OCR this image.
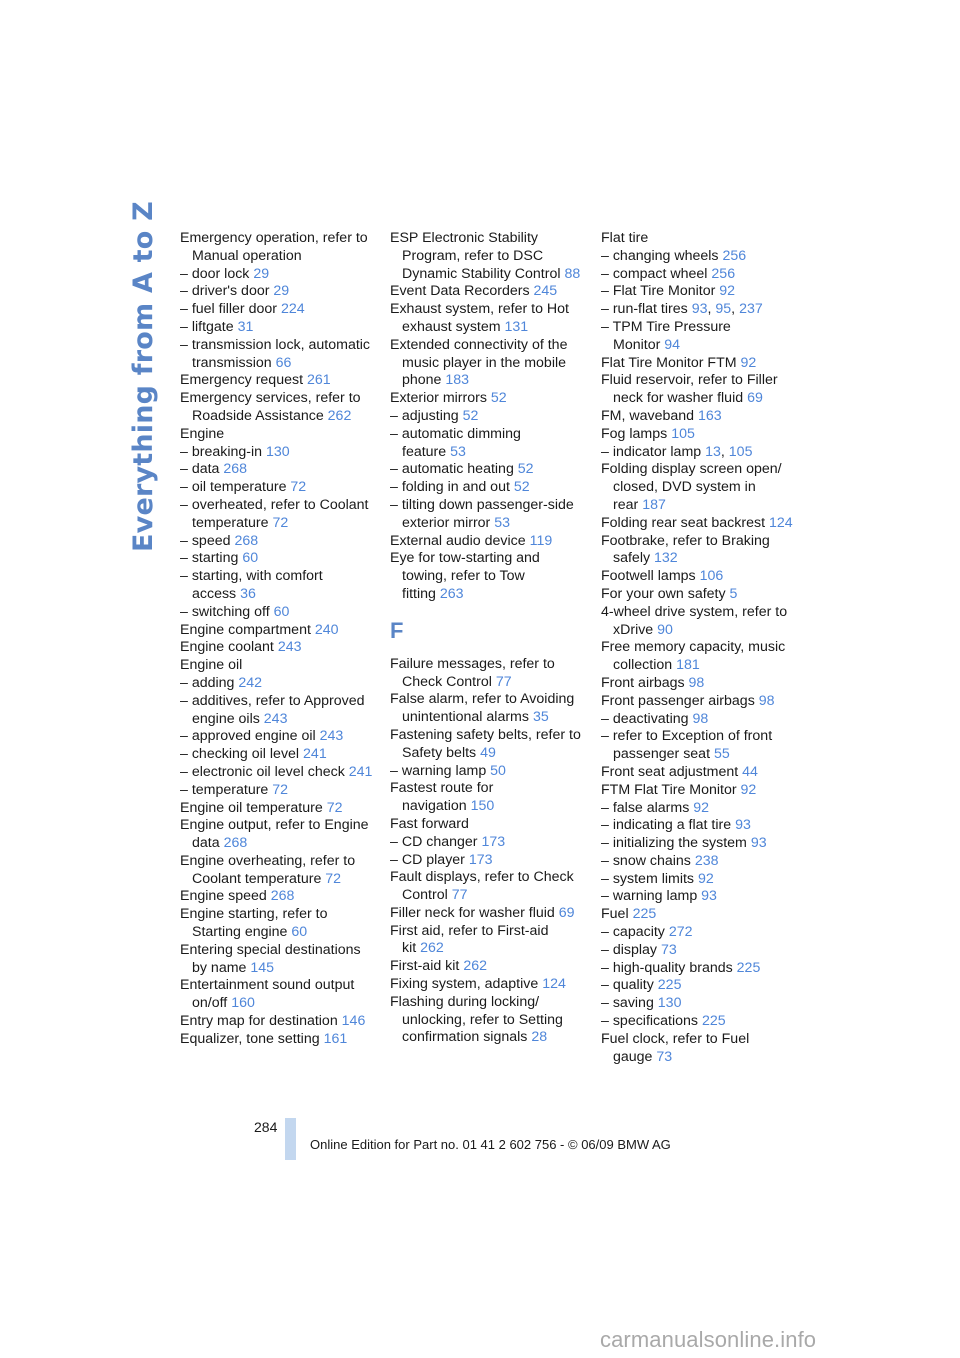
Everything from A to Z Emergency operation, refer to Manual operation
– door lock 29
– driver's door 29
– fuel filler door 224
– liftgate 31
– transmission lock, automatic transmission 66
Emergency request 261
Emergency services, refer to Roadside Assistance 262
Engine
– breaking-in 130
– data 268
– oil temperature 72
– overheated, refer to Coolant temperature 72
– speed 268
– starting 60
– starting, with comfort access 36
– switching off 60
Engine compartment 240
Engine coolant 243
Engine oil
– adding 242
– additives, refer to Approved engine oils 243
– approved engine oil 243
– checking oil level 241
– electronic oil level check 241
– temperature 72
Engine oil temperature 72
Engine output, refer to Engine data 268
Engine overheating, refer to Coolant temperature 72
Engine speed 268
Engine starting, refer to Starting engine 60
Entering special destinations by name 145
Entertainment sound output on/off 160
Entry map for destination 146
Equalizer, tone setting 161
ESP Electronic Stability Program, refer to DSC Dynamic Stability Control 88
Event Data Recorders 245
Exhaust system, refer to Hot exhaust system 131
Extended connectivity of the music player in the mobile phone 183
Exterior mirrors 52
– adjusting 52
– automatic dimming feature 53
– automatic heating 52
– folding in and out 52
– tilting down passenger-side exterior mirror 53
External audio device 119
Eye for tow-starting and towing, refer to Tow fitting 263
F
Failure messages, refer to Check Control 77
False alarm, refer to Avoiding unintentional alarms 35
Fastening safety belts, refer to Safety belts 49
– warning lamp 50
Fastest route for navigation 150
Fast forward
– CD changer 173
– CD player 173
Fault displays, refer to Check Control 77
Filler neck for washer fluid 69
First aid, refer to First-aid kit 262
First-aid kit 262
Fixing system, adaptive 124
Flashing during locking/ unlocking, refer to Setting confirmation signals 28
Flat tire
– changing wheels 256
– compact wheel 256
– Flat Tire Monitor 92
– run-flat tires 93, 95, 237
– TPM Tire Pressure Monitor 94
Flat Tire Monitor FTM 92
Fluid reservoir, refer to Filler neck for washer fluid 69
FM, waveband 163
Fog lamps 105
– indicator lamp 13, 105
Folding display screen open/ closed, DVD system in rear 187
Folding rear seat backrest 124
Footbrake, refer to Braking safely 132
Footwell lamps 106
For your own safety 5
4-wheel drive system, refer to xDrive 90
Free memory capacity, music collection 181
Front airbags 98
Front passenger airbags 98
– deactivating 98
– refer to Exception of front passenger seat 55
Front seat adjustment 44
FTM Flat Tire Monitor 92
– false alarms 92
– indicating a flat tire 93
– initializing the system 93
– snow chains 238
– system limits 92
– warning lamp 93
Fuel 225
– capacity 272
– display 73
– high-quality brands 225
– quality 225
– saving 130
– specifications 225
Fuel clock, refer to Fuel gauge 73
284
Online Edition for Part no. 01 41 2 602 756 - © 06/09 BMW AG
carmanualsonline.info
